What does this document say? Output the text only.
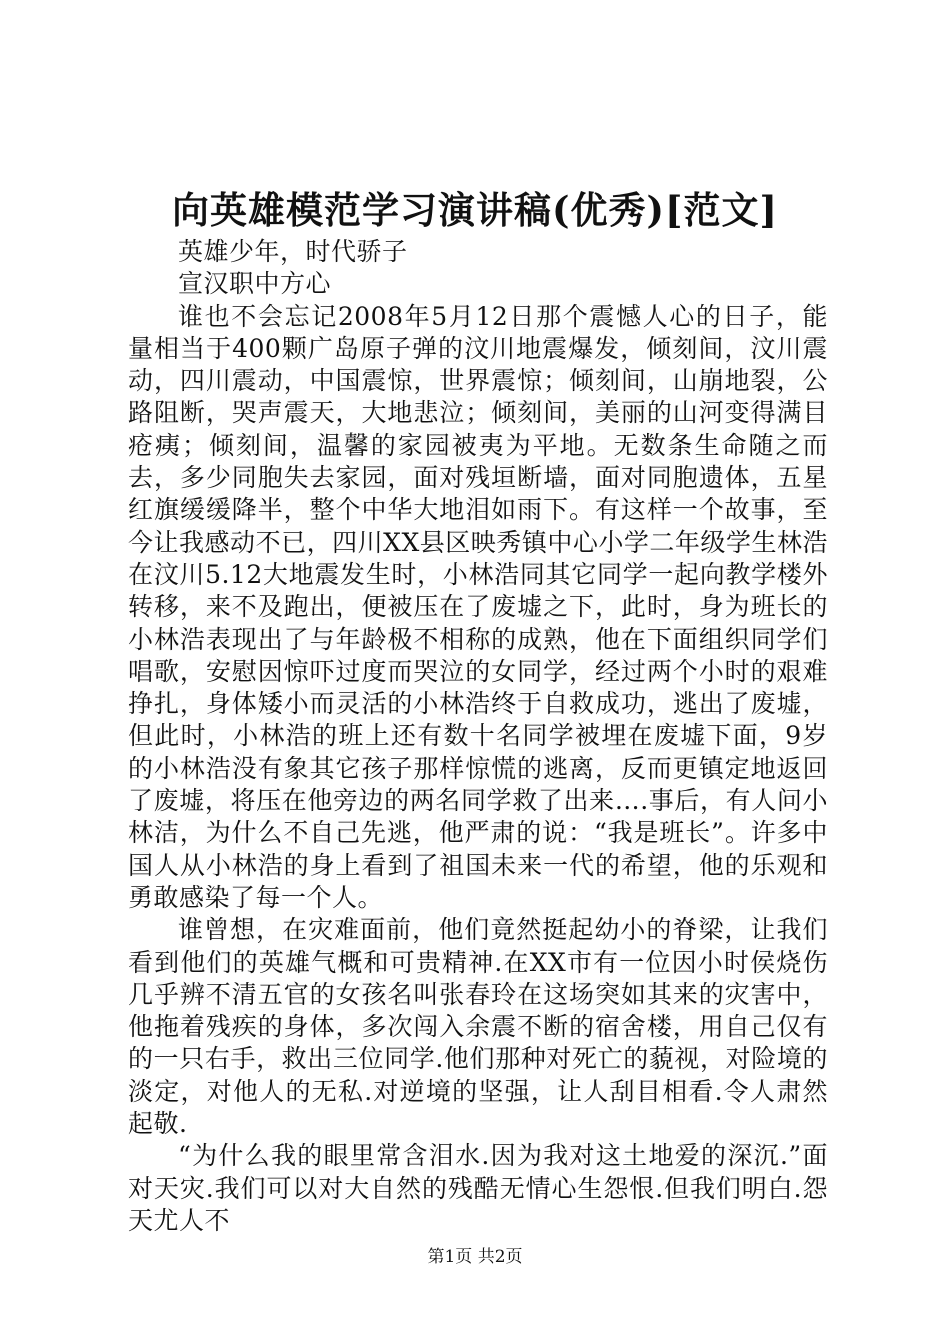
向英雄模范学习演讲稿(优秀)[范文]

英雄少年，时代骄子

宣汉职中方心

谁也不会忘记2008年5月12日那个震憾人心的日子，能量相当于400颗广岛原子弹的汶川地震爆发，倾刻间，汶川震动，四川震动，中国震惊，世界震惊；倾刻间，山崩地裂，公路阻断，哭声震天，大地悲泣；倾刻间，美丽的山河变得满目疮痍；倾刻间，温馨的家园被夷为平地。无数条生命随之而去，多少同胞失去家园，面对残垣断墙，面对同胞遗体，五星红旗缓缓降半，整个中华大地泪如雨下。有这样一个故事，至今让我感动不已，四川XX县区映秀镇中心小学二年级学生林浩在汶川5.12大地震发生时，小林浩同其它同学一起向教学楼外转移，来不及跑出，便被压在了废墟之下，此时，身为班长的小林浩表现出了与年龄极不相称的成熟，他在下面组织同学们唱歌，安慰因惊吓过度而哭泣的女同学，经过两个小时的艰难挣扎，身体矮小而灵活的小林浩终于自救成功，逃出了废墟，但此时，小林浩的班上还有数十名同学被埋在废墟下面，9岁的小林浩没有象其它孩子那样惊慌的逃离，反而更镇定地返回了废墟，将压在他旁边的两名同学救了出来….事后，有人问小林洁，为什么不自己先逃，他严肃的说：“我是班长”。许多中国人从小林浩的身上看到了祖国未来一代的希望，他的乐观和勇敢感染了每一个人。

谁曾想，在灾难面前，他们竟然挺起幼小的脊梁，让我们看到他们的英雄气概和可贵精神.在XX市有一位因小时侯烧伤几乎辨不清五官的女孩名叫张春玲在这场突如其来的灾害中，他拖着残疾的身体，多次闯入余震不断的宿舍楼，用自己仅有的一只右手，救出三位同学.他们那种对死亡的藐视，对险境的淡定，对他人的无私.对逆境的坚强，让人刮目相看.令人肃然起敬.

“为什么我的眼里常含泪水.因为我对这土地爱的深沉.”面对天灾.我们可以对大自然的残酷无情心生怨恨.但我们明白.怨天尤人不

第1页 共2页
